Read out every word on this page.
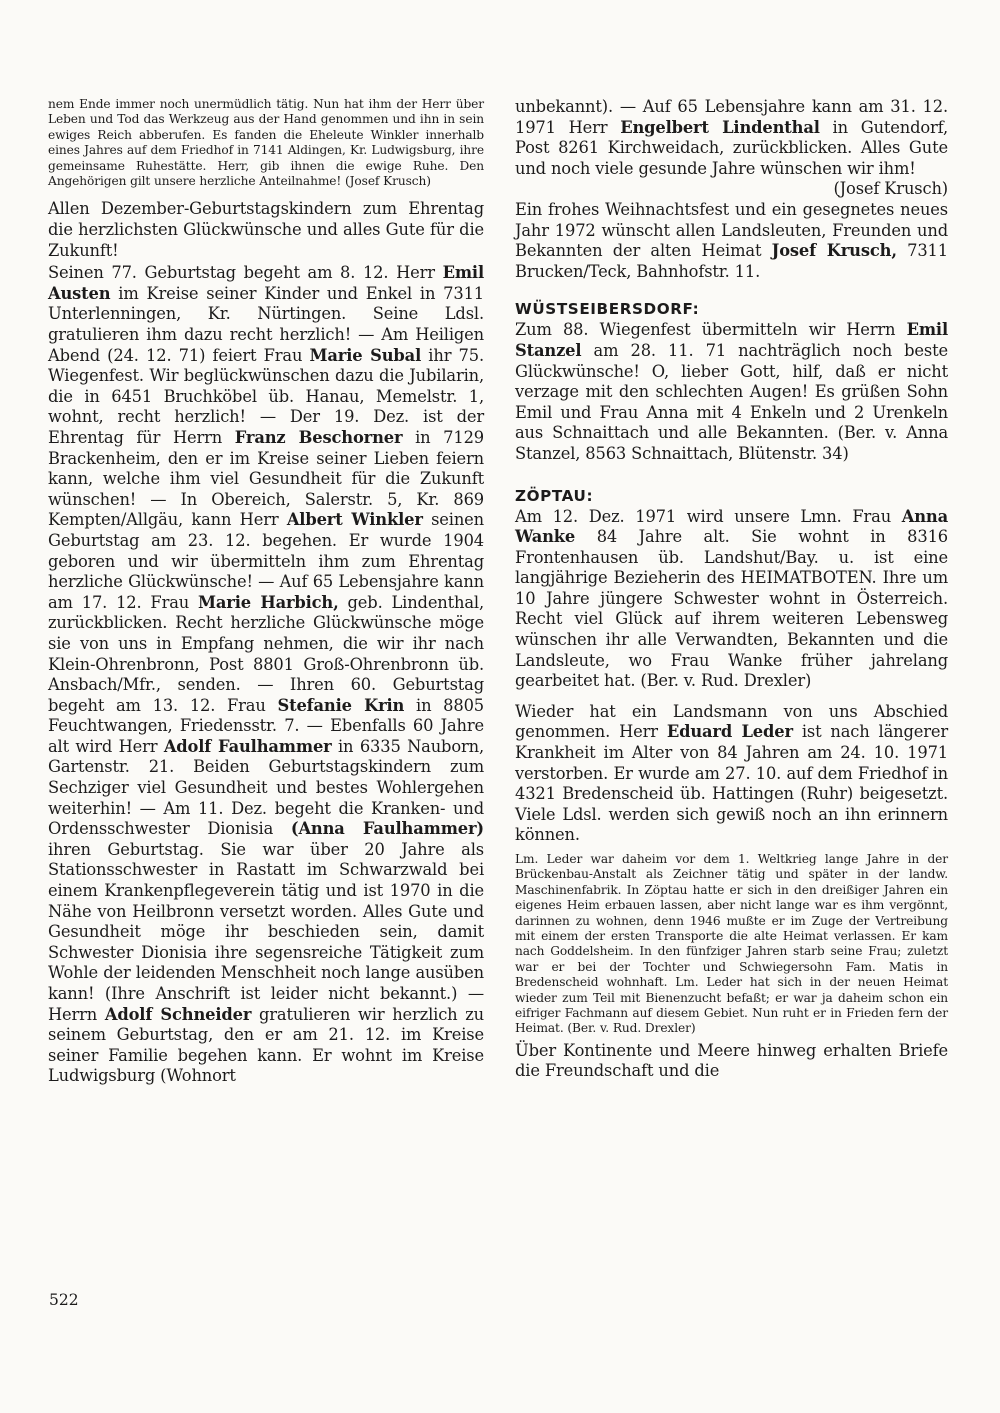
nem Ende immer noch unermüdlich tätig. Nun hat ihm der Herr über Leben und Tod das Werkzeug aus der Hand genommen und ihn in sein ewiges Reich abberufen. Es fanden die Eheleute Winkler innerhalb eines Jahres auf dem Friedhof in 7141 Aldingen, Kr. Ludwigsburg, ihre gemeinsame Ruhestätte. Herr, gib ihnen die ewige Ruhe. Den Angehörigen gilt unsere herzliche Anteilnahme! (Josef Krusch)

Allen Dezember-Geburtstagskindern zum Ehrentag die herzlichsten Glückwünsche und alles Gute für die Zukunft!

Seinen 77. Geburtstag begeht am 8. 12. Herr Emil Austen im Kreise seiner Kinder und Enkel in 7311 Unterlenningen, Kr. Nürtingen. Seine Ldsl. gratulieren ihm dazu recht herzlich! — Am Heiligen Abend (24. 12. 71) feiert Frau Marie Subal ihr 75. Wiegenfest. Wir beglückwünschen dazu die Jubilarin, die in 6451 Bruchköbel üb. Hanau, Memelstr. 1, wohnt, recht herzlich! — Der 19. Dez. ist der Ehrentag für Herrn Franz Beschorner in 7129 Brackenheim, den er im Kreise seiner Lieben feiern kann, welche ihm viel Gesundheit für die Zukunft wünschen! — In Obereich, Salerstr. 5, Kr. 869 Kempten/Allgäu, kann Herr Albert Winkler seinen Geburtstag am 23. 12. begehen. Er wurde 1904 geboren und wir übermitteln ihm zum Ehrentag herzliche Glückwünsche! — Auf 65 Lebensjahre kann am 17. 12. Frau Marie Harbich, geb. Lindenthal, zurückblicken. Recht herzliche Glückwünsche möge sie von uns in Empfang nehmen, die wir ihr nach Klein-Ohrenbronn, Post 8801 Groß-Ohrenbronn üb. Ansbach/Mfr., senden. — Ihren 60. Geburtstag begeht am 13. 12. Frau Stefanie Krin in 8805 Feuchtwangen, Friedensstr. 7. — Ebenfalls 60 Jahre alt wird Herr Adolf Faulhammer in 6335 Nauborn, Gartenstr. 21. Beiden Geburtstagskindern zum Sechziger viel Gesundheit und bestes Wohlergehen weiterhin! — Am 11. Dez. begeht die Kranken- und Ordensschwester Dionisia (Anna Faulhammer) ihren Geburtstag. Sie war über 20 Jahre als Stationsschwester in Rastatt im Schwarzwald bei einem Krankenpflegeverein tätig und ist 1970 in die Nähe von Heilbronn versetzt worden. Alles Gute und Gesundheit möge ihr beschieden sein, damit Schwester Dionisia ihre segensreiche Tätigkeit zum Wohle der leidenden Menschheit noch lange ausüben kann! (Ihre Anschrift ist leider nicht bekannt.) — Herrn Adolf Schneider gratulieren wir herzlich zu seinem Geburtstag, den er am 21. 12. im Kreise seiner Familie begehen kann. Er wohnt im Kreise Ludwigsburg (Wohnort

unbekannt). — Auf 65 Lebensjahre kann am 31. 12. 1971 Herr Engelbert Lindenthal in Gutendorf, Post 8261 Kirchweidach, zurückblicken. Alles Gute und noch viele gesunde Jahre wünschen wir ihm!

(Josef Krusch)

Ein frohes Weihnachtsfest und ein gesegnetes neues Jahr 1972 wünscht allen Landsleuten, Freunden und Bekannten der alten Heimat Josef Krusch, 7311 Brucken/Teck, Bahnhofstr. 11.

WÜSTSEIBERSDORF:

Zum 88. Wiegenfest übermitteln wir Herrn Emil Stanzel am 28. 11. 71 nachträglich noch beste Glückwünsche! O, lieber Gott, hilf, daß er nicht verzage mit den schlechten Augen! Es grüßen Sohn Emil und Frau Anna mit 4 Enkeln und 2 Urenkeln aus Schnaittach und alle Bekannten. (Ber. v. Anna Stanzel, 8563 Schnaittach, Blütenstr. 34)

ZÖPTAU:

Am 12. Dez. 1971 wird unsere Lmn. Frau Anna Wanke 84 Jahre alt. Sie wohnt in 8316 Frontenhausen üb. Landshut/Bay. u. ist eine langjährige Bezieherin des HEIMATBOTEN. Ihre um 10 Jahre jüngere Schwester wohnt in Österreich. Recht viel Glück auf ihrem weiteren Lebensweg wünschen ihr alle Verwandten, Bekannten und die Landsleute, wo Frau Wanke früher jahrelang gearbeitet hat. (Ber. v. Rud. Drexler)

Wieder hat ein Landsmann von uns Abschied genommen. Herr Eduard Leder ist nach längerer Krankheit im Alter von 84 Jahren am 24. 10. 1971 verstorben. Er wurde am 27. 10. auf dem Friedhof in 4321 Bredenscheid üb. Hattingen (Ruhr) beigesetzt. Viele Ldsl. werden sich gewiß noch an ihn erinnern können.

Lm. Leder war daheim vor dem 1. Weltkrieg lange Jahre in der Brückenbau-Anstalt als Zeichner tätig und später in der landw. Maschinenfabrik. In Zöptau hatte er sich in den dreißiger Jahren ein eigenes Heim erbauen lassen, aber nicht lange war es ihm vergönnt, darinnen zu wohnen, denn 1946 mußte er im Zuge der Vertreibung mit einem der ersten Transporte die alte Heimat verlassen. Er kam nach Goddelsheim. In den fünfziger Jahren starb seine Frau; zuletzt war er bei der Tochter und Schwiegersohn Fam. Matis in Bredenscheid wohnhaft. Lm. Leder hat sich in der neuen Heimat wieder zum Teil mit Bienenzucht befaßt; er war ja daheim schon ein eifriger Fachmann auf diesem Gebiet. Nun ruht er in Frieden fern der Heimat. (Ber. v. Rud. Drexler)

Über Kontinente und Meere hinweg erhalten Briefe die Freundschaft und die

522
